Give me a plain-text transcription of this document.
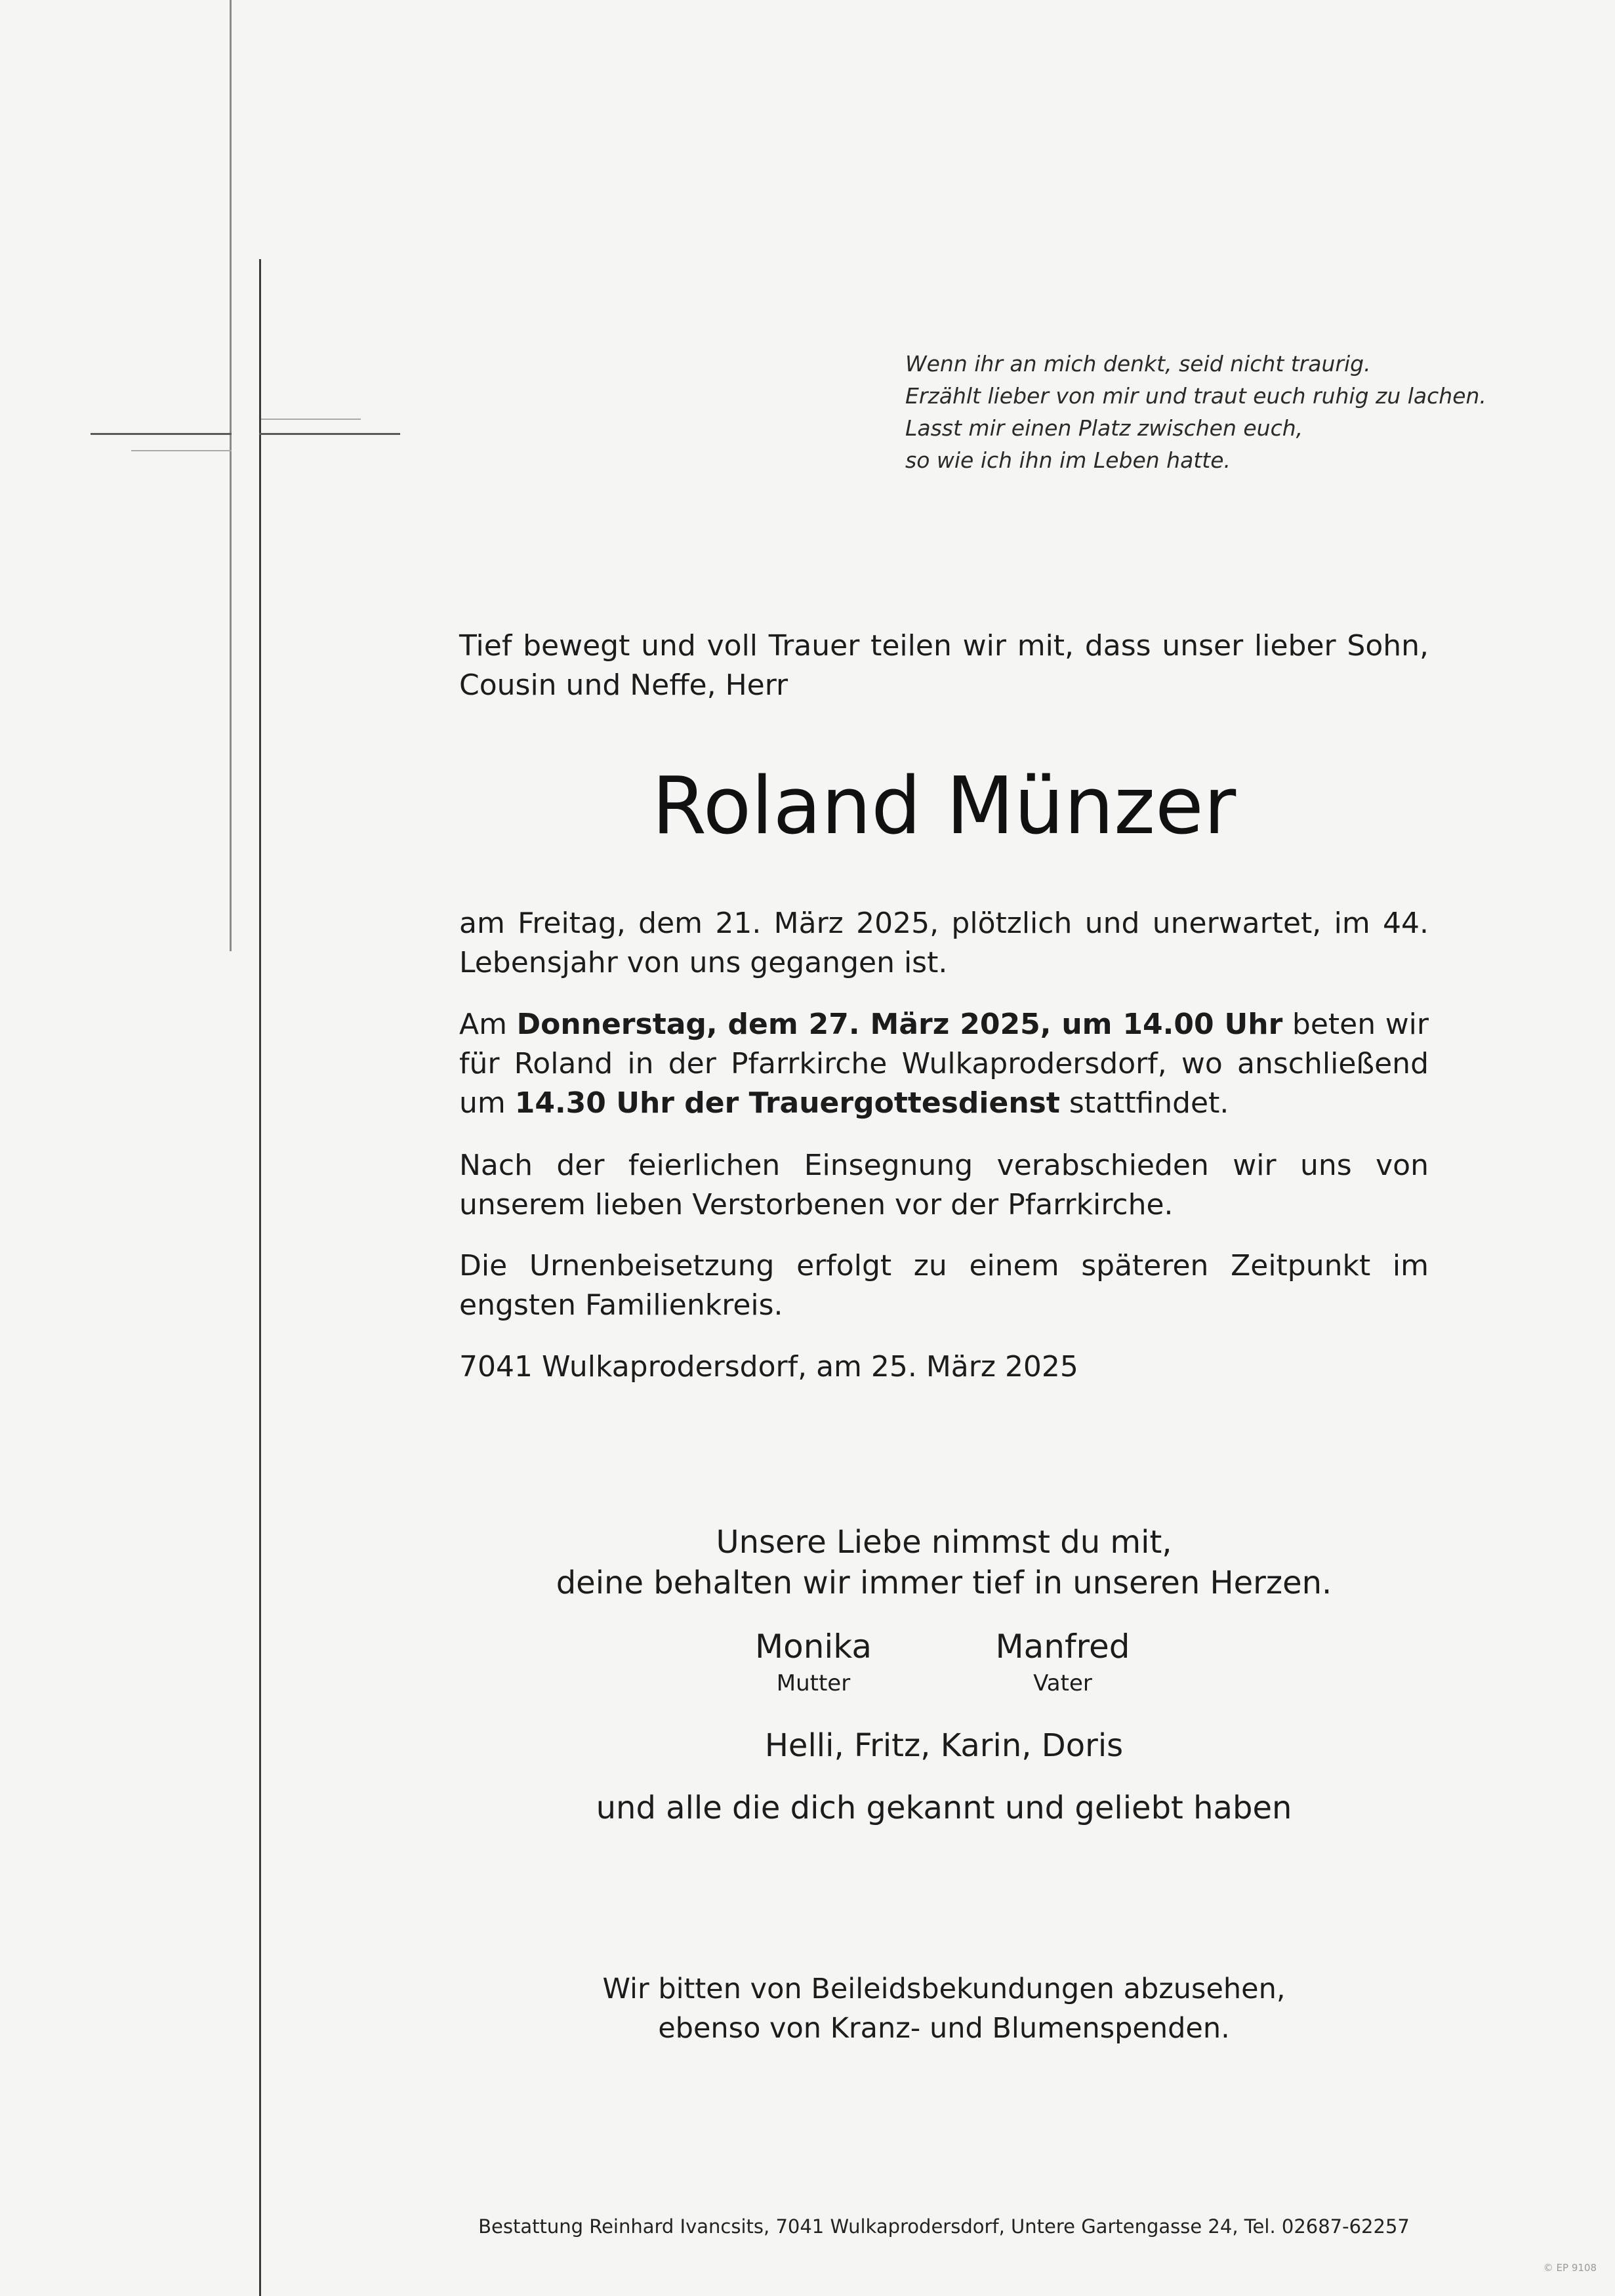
Wenn ihr an mich denkt, seid nicht traurig.
Erzählt lieber von mir und traut euch ruhig zu lachen.
Lasst mir einen Platz zwischen euch,
so wie ich ihn im Leben hatte.

Tief bewegt und voll Trauer teilen wir mit, dass unser lieber Sohn, Cousin und Neffe, Herr

Roland Münzer

am Freitag, dem 21. März 2025, plötzlich und unerwartet, im 44. Lebensjahr von uns gegangen ist.

Am Donnerstag, dem 27. März 2025, um 14.00 Uhr beten wir für Roland in der Pfarrkirche Wulkaprodersdorf, wo anschließend um 14.30 Uhr der Trauergottesdienst stattfindet.

Nach der feierlichen Einsegnung verabschieden wir uns von unserem lieben Verstorbenen vor der Pfarrkirche.

Die Urnenbeisetzung erfolgt zu einem späteren Zeitpunkt im engsten Familienkreis.

7041 Wulkaprodersdorf, am 25. März 2025

Unsere Liebe nimmst du mit,
deine behalten wir immer tief in unseren Herzen.
Monika
Mutter
Manfred
Vater
Helli, Fritz, Karin, Doris
und alle die dich gekannt und geliebt haben
Wir bitten von Beileidsbekundungen abzusehen,
ebenso von Kranz- und Blumenspenden.
Bestattung Reinhard Ivancsits, 7041 Wulkaprodersdorf, Untere Gartengasse 24, Tel. 02687-62257
© EP 9108
